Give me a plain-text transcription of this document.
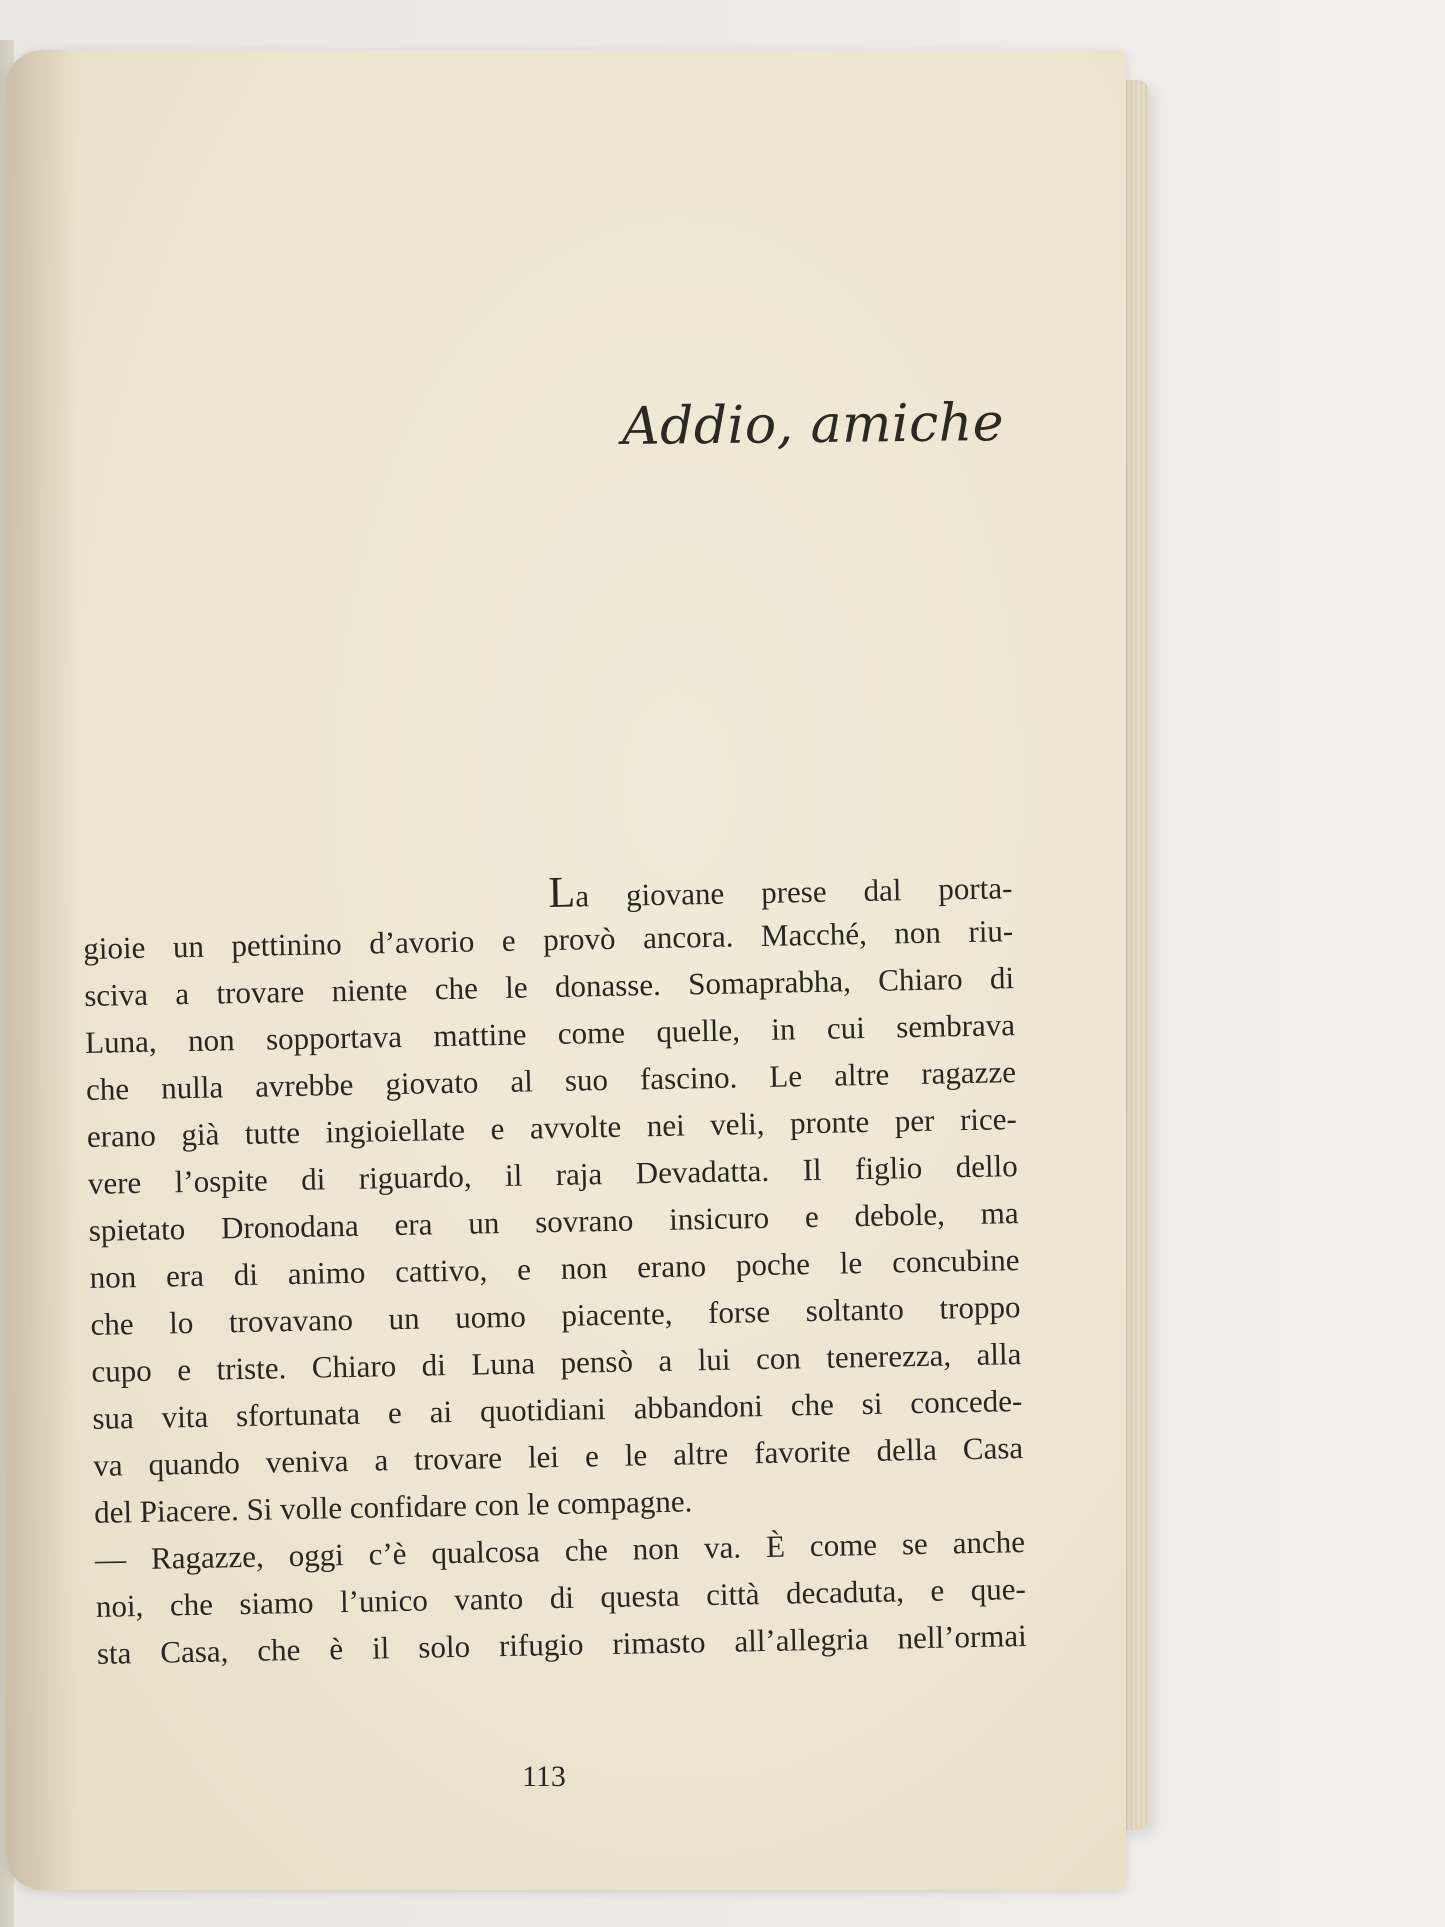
Addio, amiche
La giovane prese dal porta-
gioie un pettinino d’avorio e provò ancora. Macché, non riu-
sciva a trovare niente che le donasse. Somaprabha, Chiaro di
Luna, non sopportava mattine come quelle, in cui sembrava
che nulla avrebbe giovato al suo fascino. Le altre ragazze
erano già tutte ingioiellate e avvolte nei veli, pronte per rice-
vere l’ospite di riguardo, il raja Devadatta. Il figlio dello
spietato Dronodana era un sovrano insicuro e debole, ma
non era di animo cattivo, e non erano poche le concubine
che lo trovavano un uomo piacente, forse soltanto troppo
cupo e triste. Chiaro di Luna pensò a lui con tenerezza, alla
sua vita sfortunata e ai quotidiani abbandoni che si concede-
va quando veniva a trovare lei e le altre favorite della Casa
del Piacere. Si volle confidare con le compagne.
— Ragazze, oggi c’è qualcosa che non va. È come se anche
noi, che siamo l’unico vanto di questa città decaduta, e que-
sta Casa, che è il solo rifugio rimasto all’allegria nell’ormai

113
